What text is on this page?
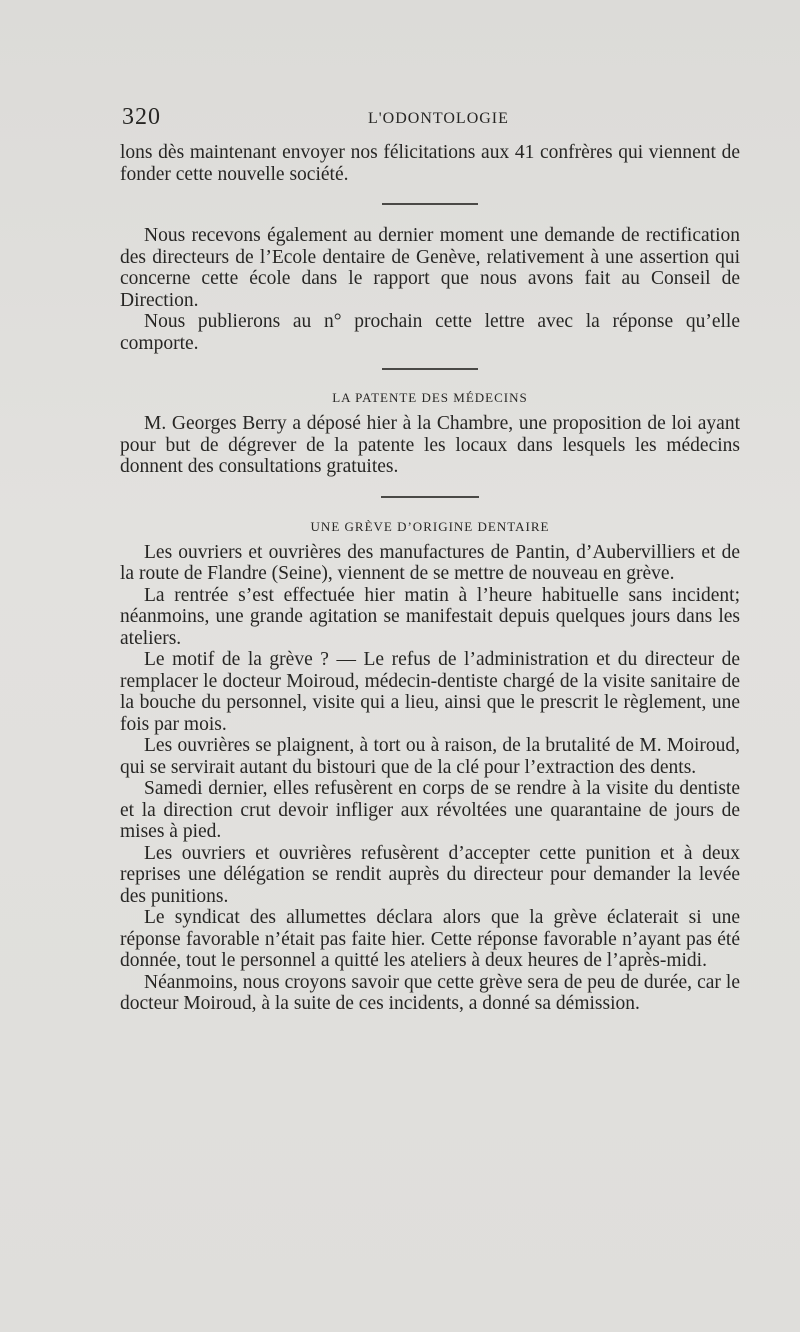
320	L'ODONTOLOGIE

lons dès maintenant envoyer nos félicitations aux 41 confrères qui viennent de fonder cette nouvelle société.

Nous recevons également au dernier moment une demande de rectification des directeurs de l’Ecole dentaire de Genève, relativement à une assertion qui concerne cette école dans le rapport que nous avons fait au Conseil de Direction.

Nous publierons au n° prochain cette lettre avec la réponse qu’elle comporte.

LA PATENTE DES MÉDECINS

M. Georges Berry a déposé hier à la Chambre, une proposition de loi ayant pour but de dégrever de la patente les locaux dans lesquels les médecins donnent des consultations gratuites.

UNE GRÈVE D’ORIGINE DENTAIRE

Les ouvriers et ouvrières des manufactures de Pantin, d’Aubervilliers et de la route de Flandre (Seine), viennent de se mettre de nouveau en grève.

La rentrée s’est effectuée hier matin à l’heure habituelle sans incident; néanmoins, une grande agitation se manifestait depuis quelques jours dans les ateliers.

Le motif de la grève ? — Le refus de l’administration et du directeur de remplacer le docteur Moiroud, médecin-dentiste chargé de la visite sanitaire de la bouche du personnel, visite qui a lieu, ainsi que le prescrit le règlement, une fois par mois.

Les ouvrières se plaignent, à tort ou à raison, de la brutalité de M. Moiroud, qui se servirait autant du bistouri que de la clé pour l’extraction des dents.

Samedi dernier, elles refusèrent en corps de se rendre à la visite du dentiste et la direction crut devoir infliger aux révoltées une quarantaine de jours de mises à pied.

Les ouvriers et ouvrières refusèrent d’accepter cette punition et à deux reprises une délégation se rendit auprès du directeur pour demander la levée des punitions.

Le syndicat des allumettes déclara alors que la grève éclaterait si une réponse favorable n’était pas faite hier. Cette réponse favorable n’ayant pas été donnée, tout le personnel a quitté les ateliers à deux heures de l’après-midi.

Néanmoins, nous croyons savoir que cette grève sera de peu de durée, car le docteur Moiroud, à la suite de ces incidents, a donné sa démission.
